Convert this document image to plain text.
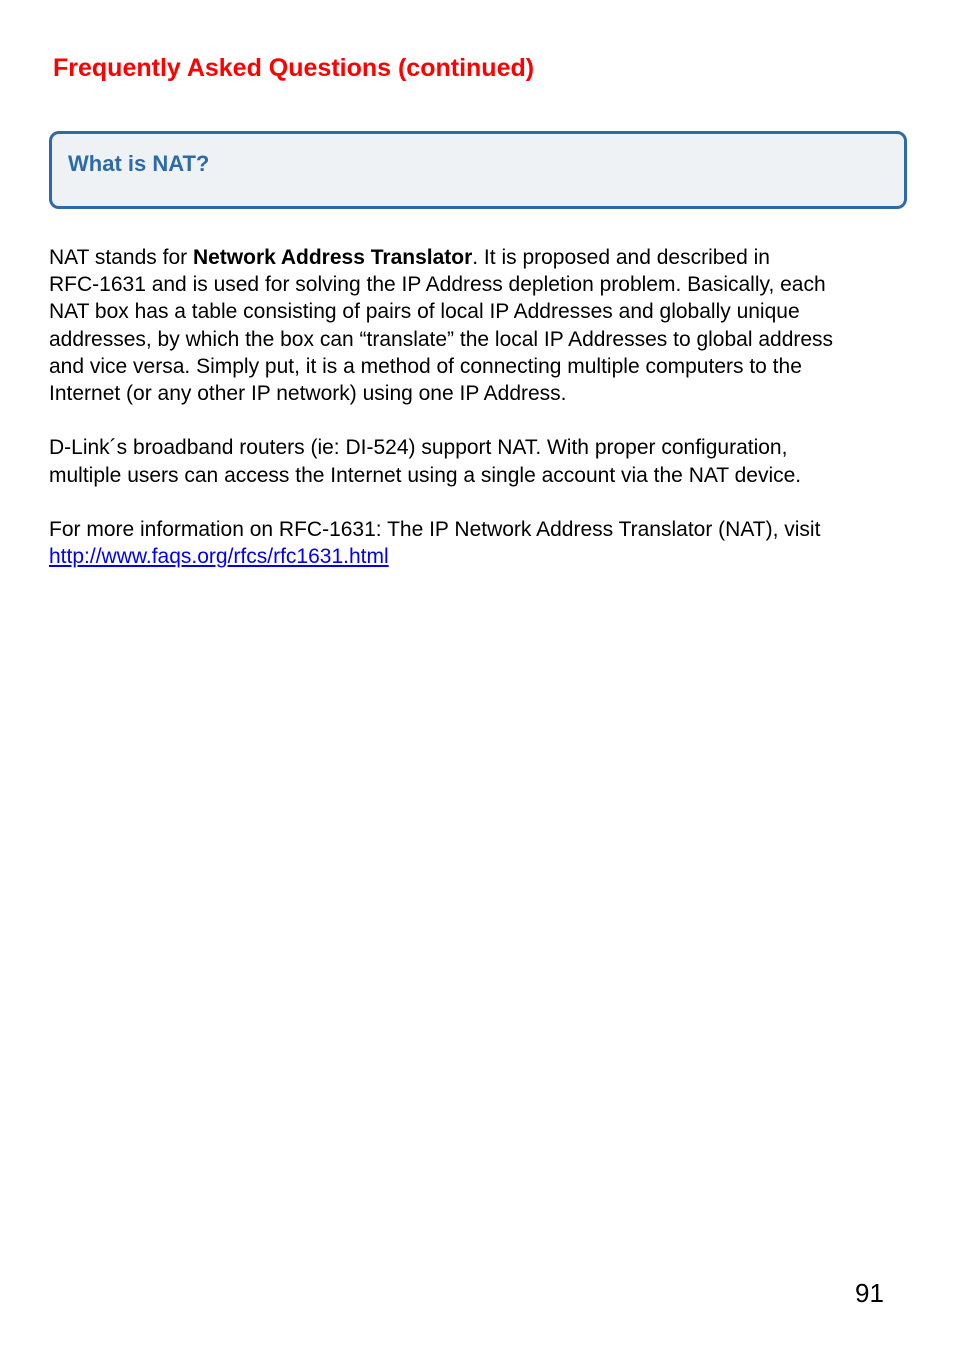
Frequently Asked Questions (continued)
What is NAT?

NAT stands for Network Address Translator. It is proposed and described in
RFC-1631 and is used for solving the IP Address depletion problem. Basically, each
NAT box has a table consisting of pairs of local IP Addresses and globally unique
addresses, by which the box can “translate” the local IP Addresses to global address
and vice versa. Simply put, it is a method of connecting multiple computers to the
Internet (or any other IP network) using one IP Address.

D-Link´s broadband routers (ie: DI-524) support NAT. With proper configuration,
multiple users can access the Internet using a single account via the NAT device.

For more information on RFC-1631: The IP Network Address Translator (NAT), visit
http://www.faqs.org/rfcs/rfc1631.html

91
